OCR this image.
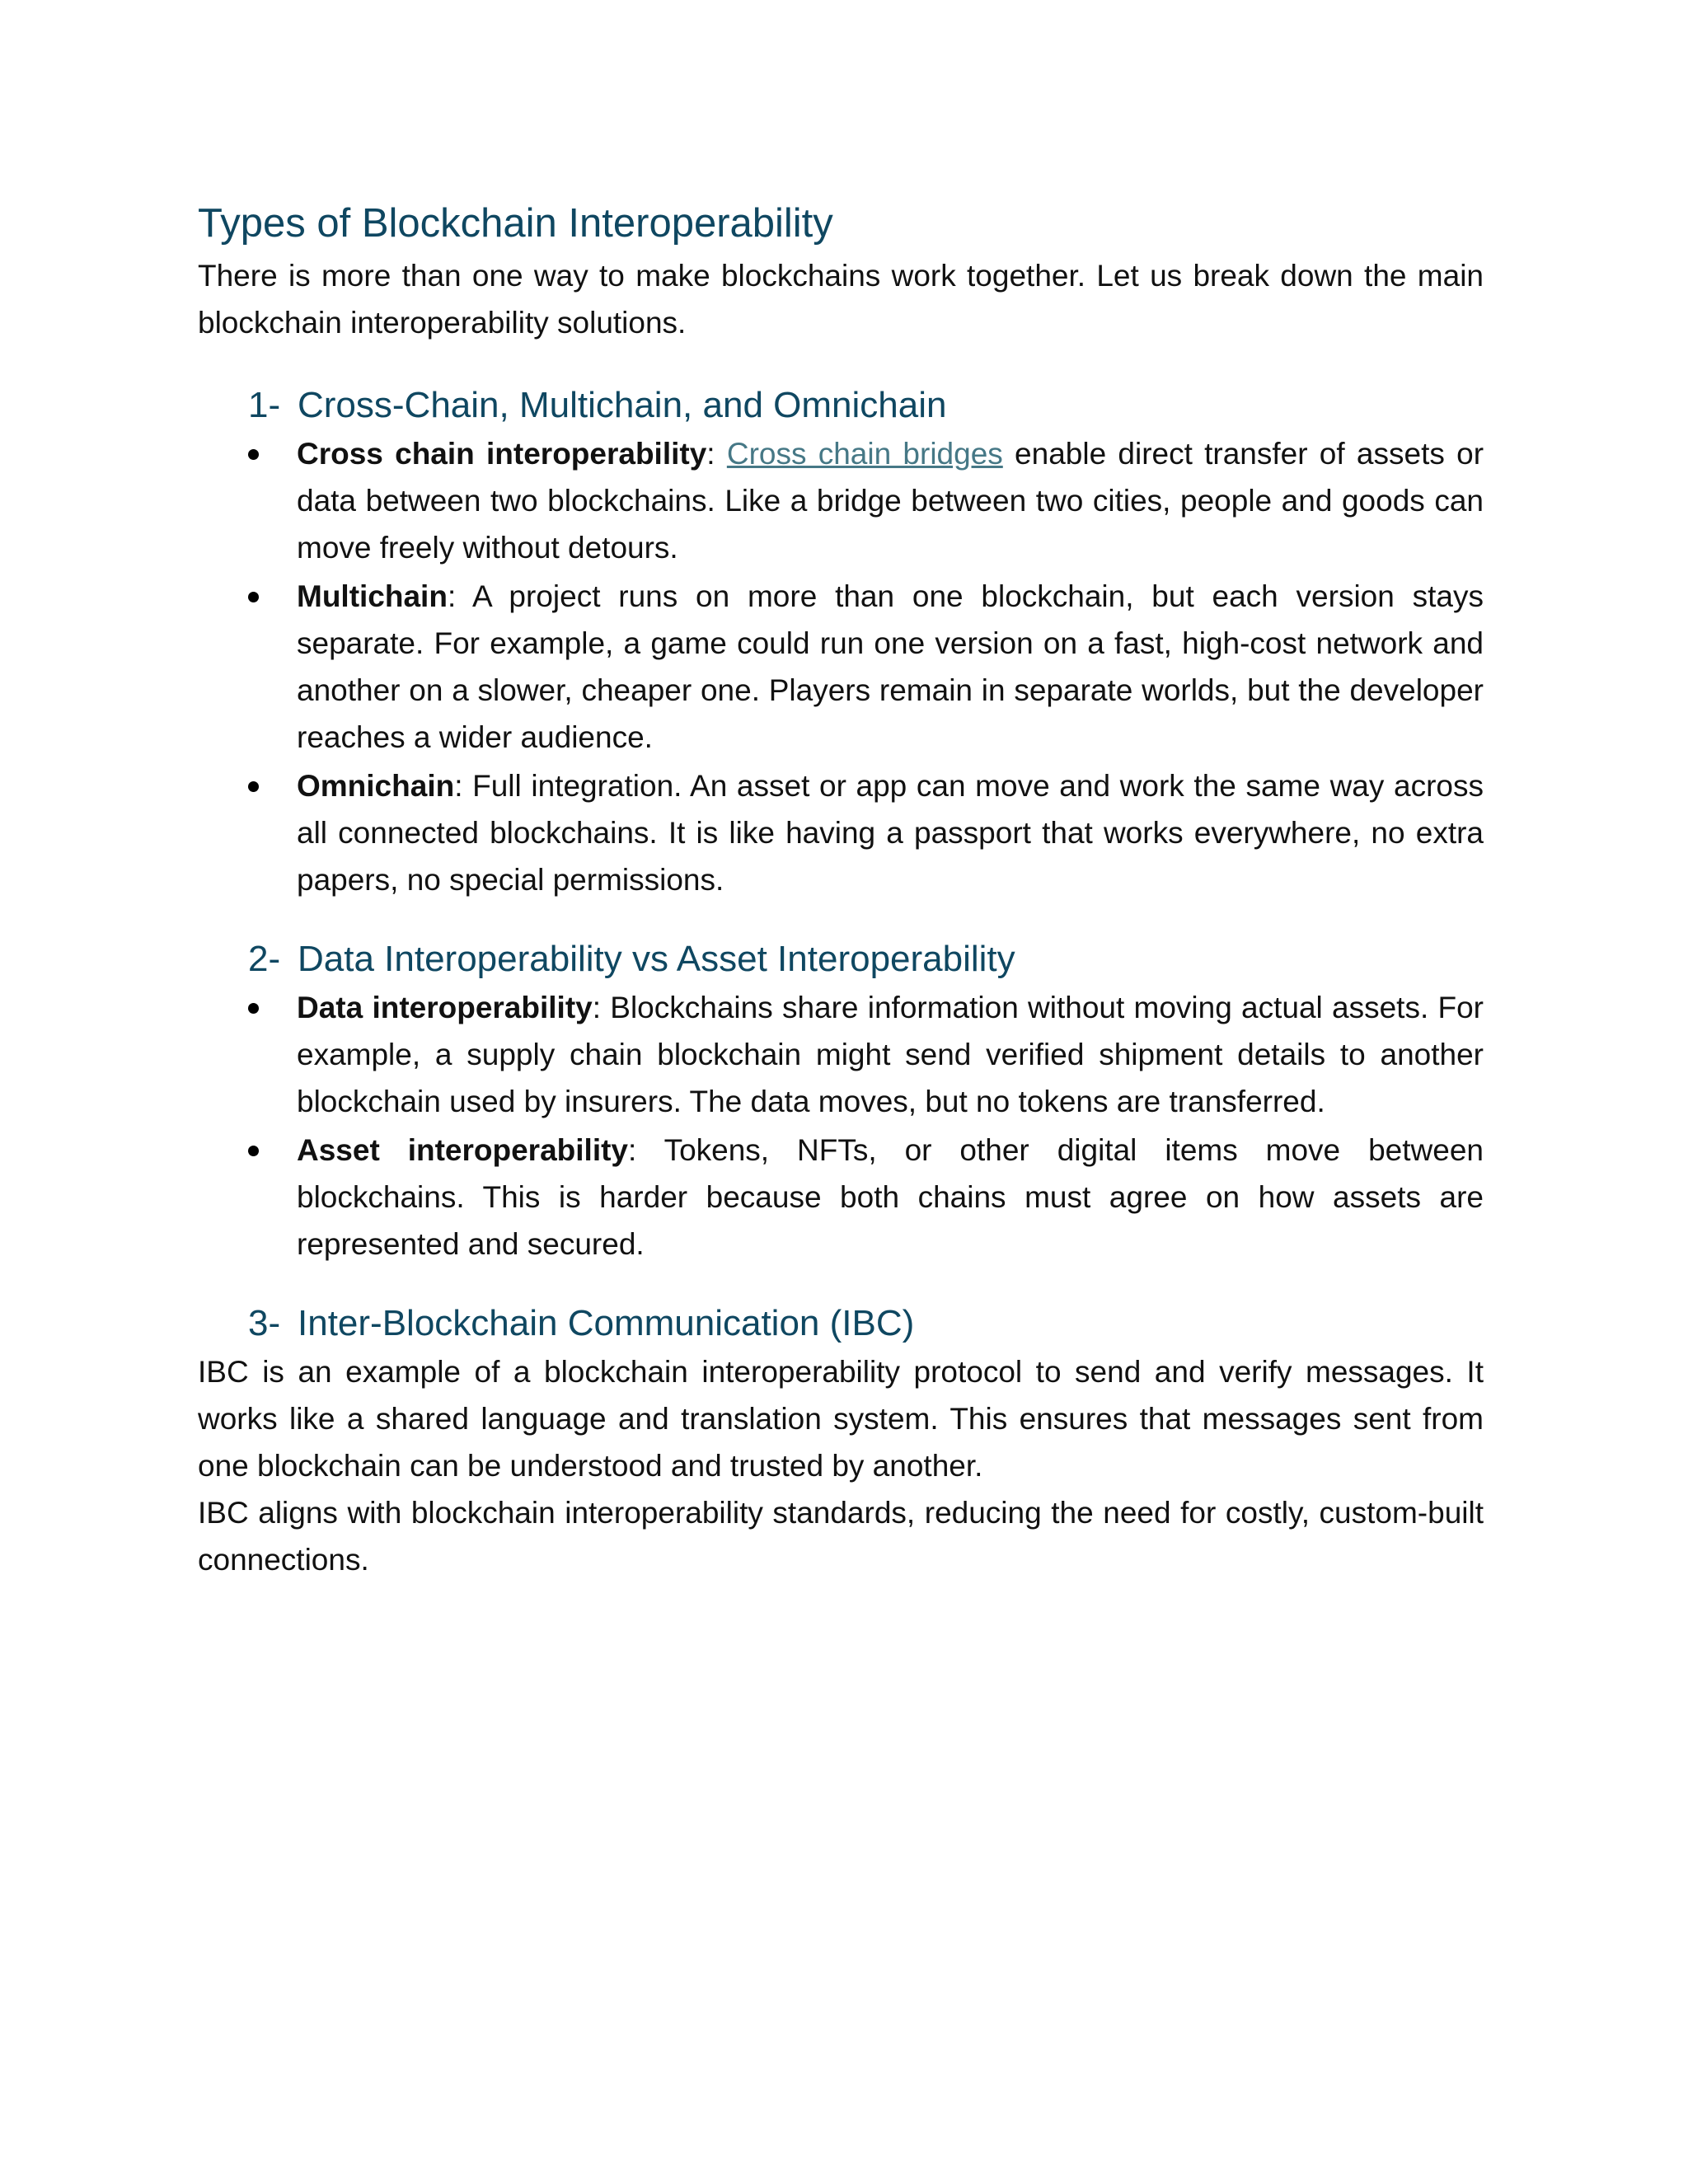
Types of Blockchain Interoperability

There is more than one way to make blockchains work together. Let us break down the main blockchain interoperability solutions.

1- Cross-Chain, Multichain, and Omnichain
Cross chain interoperability: Cross chain bridges enable direct transfer of assets or data between two blockchains. Like a bridge between two cities, people and goods can move freely without detours.
Multichain: A project runs on more than one blockchain, but each version stays separate. For example, a game could run one version on a fast, high-cost network and another on a slower, cheaper one. Players remain in separate worlds, but the developer reaches a wider audience.
Omnichain: Full integration. An asset or app can move and work the same way across all connected blockchains. It is like having a passport that works everywhere, no extra papers, no special permissions.
2- Data Interoperability vs Asset Interoperability
Data interoperability: Blockchains share information without moving actual assets. For example, a supply chain blockchain might send verified shipment details to another blockchain used by insurers. The data moves, but no tokens are transferred.
Asset interoperability: Tokens, NFTs, or other digital items move between blockchains. This is harder because both chains must agree on how assets are represented and secured.
3- Inter-Blockchain Communication (IBC)

IBC is an example of a blockchain interoperability protocol to send and verify messages. It works like a shared language and translation system. This ensures that messages sent from one blockchain can be understood and trusted by another.

IBC aligns with blockchain interoperability standards, reducing the need for costly, custom-built connections.
